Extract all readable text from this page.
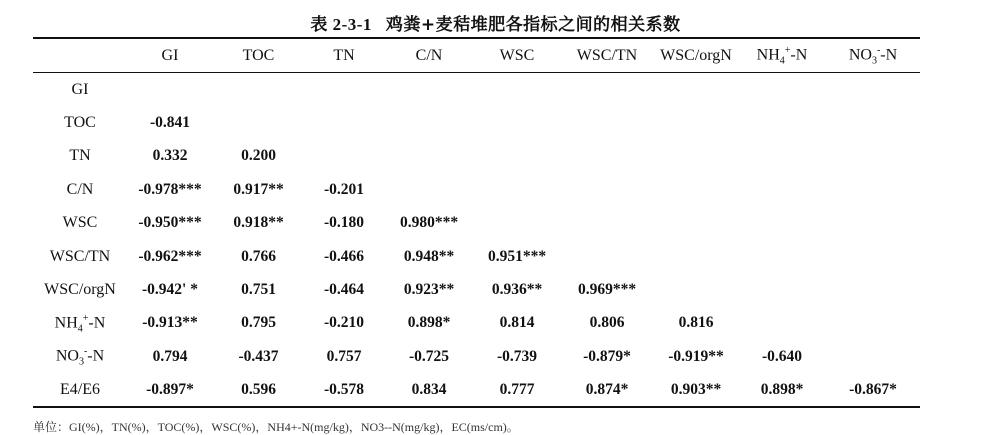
表 2-3-1 鸡粪+麦秸堆肥各指标之间的相关系数
	GI	TOC	TN	C/N	WSC	WSC/TN	WSC/orgN	$NH_4^+-N$	$NO_3^--N$
GI									
TOC	-0.841								
TN	0.332	0.200							
C/N	-0.978***	0.917**	-0.201						
WSC	-0.950***	0.918**	-0.180	0.980***					
WSC/TN	-0.962***	0.766	-0.466	0.948**	0.951***				
WSC/orgN	-0.942' *	0.751	-0.464	0.923**	0.936**	0.969***			
$NH_4^+-N$	-0.913**	0.795	-0.210	0.898*	0.814	0.806	0.816		
$NO_3^--N$	0.794	-0.437	0.757	-0.725	-0.739	-0.879*	-0.919**	-0.640	
E4/E6	-0.897*	0.596	-0.578	0.834	0.777	0.874*	0.903**	0.898*	-0.867*
单位：GI(%)，TN(%)，TOC(%)，WSC(%)，NH4+-N(mg/kg)，NO3--N(mg/kg)，EC(ms/cm)。
